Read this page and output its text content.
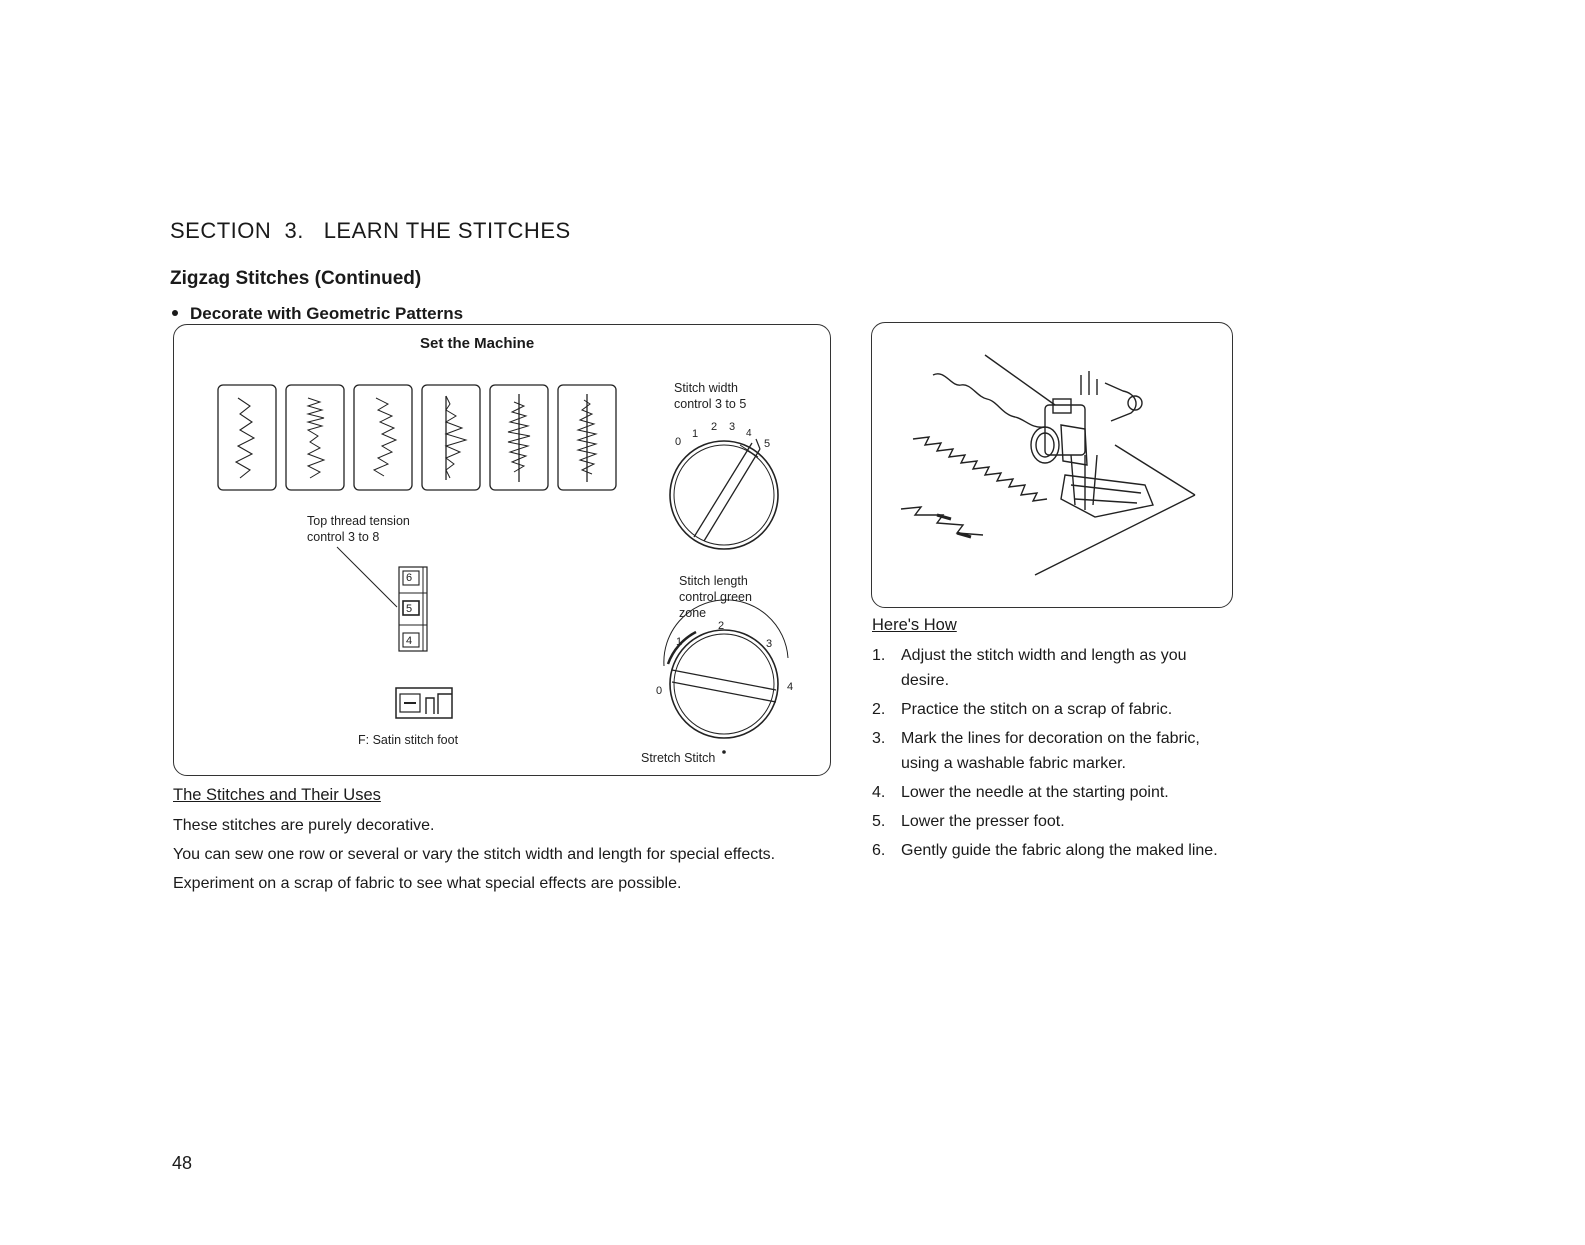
SECTION  3.   LEARN THE STITCHES
Zigzag Stitches (Continued)
Decorate with Geometric Patterns
Set the Machine
Stitch width
control 3 to 5
0
1
2 3
4
5
Top thread tension
control 3 to 8
6
5
4
F: Satin stitch foot
Stitch length
control green
zone
1
2
3
0	4
Stretch Stitch
The Stitches and Their Uses
These stitches are purely decorative.
You can sew one row or several or vary the stitch width and length for special effects.
Experiment on a scrap of fabric to see what special effects are possible.
Here's How
1. Adjust the stitch width and length as you desire.
2. Practice the stitch on a scrap of fabric.
3. Mark the lines for decoration on the fabric, using a washable fabric marker.
4. Lower the needle at the starting point.
5. Lower the presser foot.
6. Gently guide the fabric along the maked line.
48
